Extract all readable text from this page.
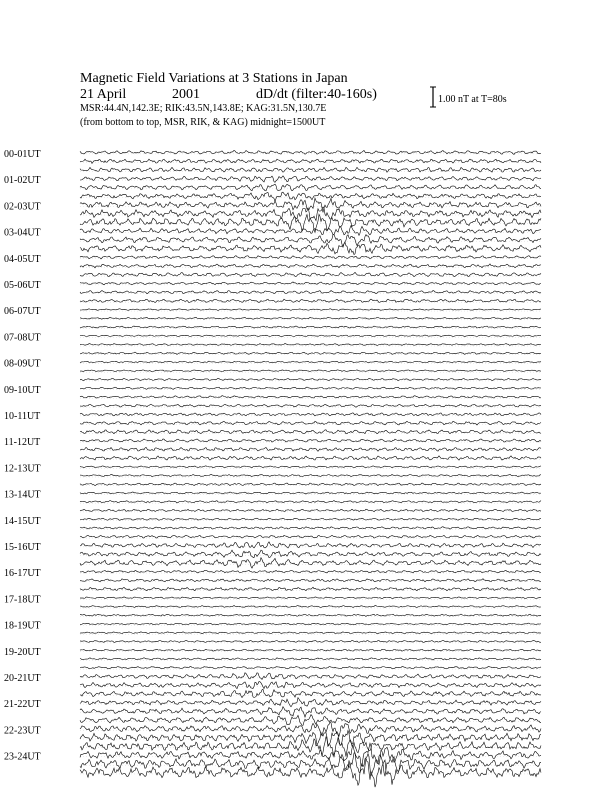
Magnetic Field Variations at 3 Stations in Japan
21 April	2001	dD/dt (filter:40-160s)
MSR:44.4N,142.3E; RIK:43.5N,143.8E; KAG:31.5N,130.7E
(from bottom to top, MSR, RIK, & KAG) midnight=1500UT
1.00 nT at T=80s
00-01UT
01-02UT
02-03UT
03-04UT
04-05UT
05-06UT
06-07UT
07-08UT
08-09UT
09-10UT
10-11UT
11-12UT
12-13UT
13-14UT
14-15UT
15-16UT
16-17UT
17-18UT
18-19UT
19-20UT
20-21UT
21-22UT
22-23UT
23-24UT
